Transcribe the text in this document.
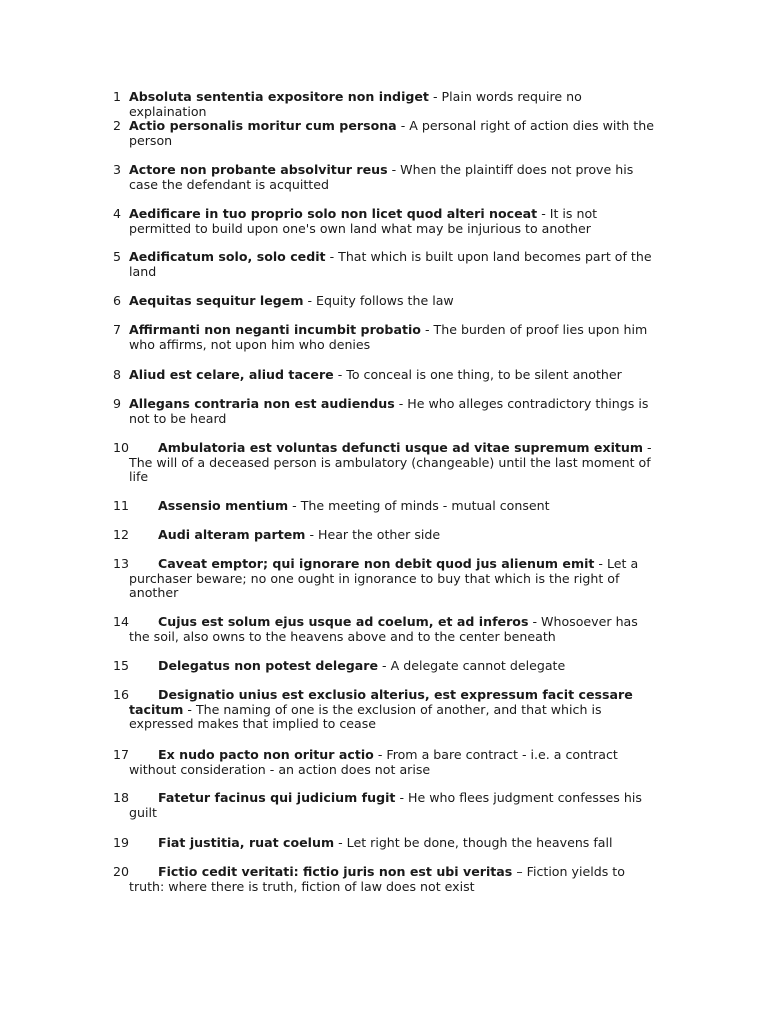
1 Absoluta sententia expositore non indiget - Plain words require no explaination
2 Actio personalis moritur cum persona - A personal right of action dies with the person
3 Actore non probante absolvitur reus - When the plaintiff does not prove his case the defendant is acquitted
4 Aedificare in tuo proprio solo non licet quod alteri noceat - It is not permitted to build upon one's own land what may be injurious to another
5 Aedificatum solo, solo cedit - That which is built upon land becomes part of the land
6 Aequitas sequitur legem - Equity follows the law
7 Affirmanti non neganti incumbit probatio - The burden of proof lies upon him who affirms, not upon him who denies
8 Aliud est celare, aliud tacere - To conceal is one thing, to be silent another
9 Allegans contraria non est audiendus - He who alleges contradictory things is not to be heard
10	Ambulatoria est voluntas defuncti usque ad vitae supremum exitum - The will of a deceased person is ambulatory (changeable) until the last moment of life
11	Assensio mentium - The meeting of minds - mutual consent
12	Audi alteram partem - Hear the other side
13	Caveat emptor; qui ignorare non debit quod jus alienum emit - Let a purchaser beware; no one ought in ignorance to buy that which is the right of another
14	Cujus est solum ejus usque ad coelum, et ad inferos - Whosoever has the soil, also owns to the heavens above and to the center beneath
15	Delegatus non potest delegare - A delegate cannot delegate
16	Designatio unius est exclusio alterius, est expressum facit cessare tacitum - The naming of one is the exclusion of another, and that which is expressed makes that implied to cease
17	Ex nudo pacto non oritur actio - From a bare contract - i.e. a contract without consideration - an action does not arise
18	Fatetur facinus qui judicium fugit - He who flees judgment confesses his guilt
19	Fiat justitia, ruat coelum - Let right be done, though the heavens fall
20	Fictio cedit veritati: fictio juris non est ubi veritas – Fiction yields to truth: where there is truth, fiction of law does not exist
